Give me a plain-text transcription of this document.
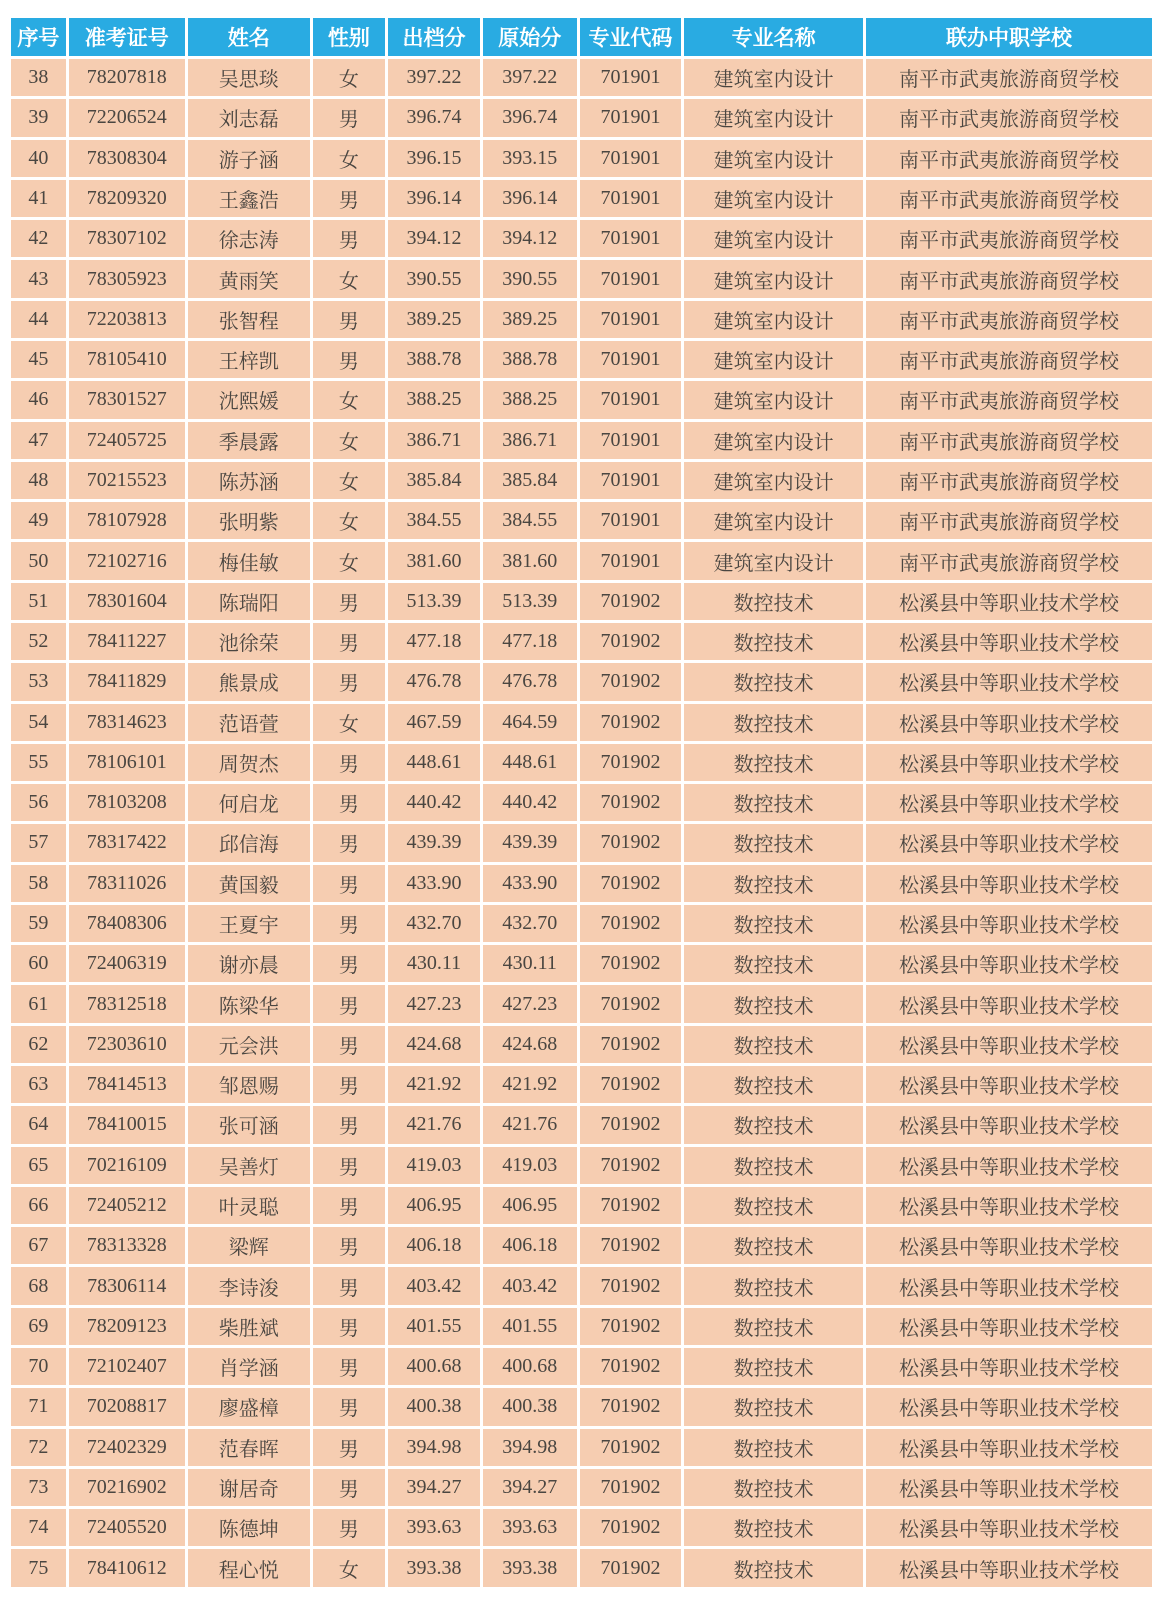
序号	准考证号	姓名	性别	出档分	原始分	专业代码	专业名称	联办中职学校
38	78207818	吴思琰	女	397.22	397.22	701901	建筑室内设计	南平市武夷旅游商贸学校
39	72206524	刘志磊	男	396.74	396.74	701901	建筑室内设计	南平市武夷旅游商贸学校
40	78308304	游子涵	女	396.15	393.15	701901	建筑室内设计	南平市武夷旅游商贸学校
41	78209320	王鑫浩	男	396.14	396.14	701901	建筑室内设计	南平市武夷旅游商贸学校
42	78307102	徐志涛	男	394.12	394.12	701901	建筑室内设计	南平市武夷旅游商贸学校
43	78305923	黄雨笑	女	390.55	390.55	701901	建筑室内设计	南平市武夷旅游商贸学校
44	72203813	张智程	男	389.25	389.25	701901	建筑室内设计	南平市武夷旅游商贸学校
45	78105410	王梓凯	男	388.78	388.78	701901	建筑室内设计	南平市武夷旅游商贸学校
46	78301527	沈熙媛	女	388.25	388.25	701901	建筑室内设计	南平市武夷旅游商贸学校
47	72405725	季晨露	女	386.71	386.71	701901	建筑室内设计	南平市武夷旅游商贸学校
48	70215523	陈苏涵	女	385.84	385.84	701901	建筑室内设计	南平市武夷旅游商贸学校
49	78107928	张明紫	女	384.55	384.55	701901	建筑室内设计	南平市武夷旅游商贸学校
50	72102716	梅佳敏	女	381.60	381.60	701901	建筑室内设计	南平市武夷旅游商贸学校
51	78301604	陈瑞阳	男	513.39	513.39	701902	数控技术	松溪县中等职业技术学校
52	78411227	池徐荣	男	477.18	477.18	701902	数控技术	松溪县中等职业技术学校
53	78411829	熊景成	男	476.78	476.78	701902	数控技术	松溪县中等职业技术学校
54	78314623	范语萱	女	467.59	464.59	701902	数控技术	松溪县中等职业技术学校
55	78106101	周贺杰	男	448.61	448.61	701902	数控技术	松溪县中等职业技术学校
56	78103208	何启龙	男	440.42	440.42	701902	数控技术	松溪县中等职业技术学校
57	78317422	邱信海	男	439.39	439.39	701902	数控技术	松溪县中等职业技术学校
58	78311026	黄国毅	男	433.90	433.90	701902	数控技术	松溪县中等职业技术学校
59	78408306	王夏宇	男	432.70	432.70	701902	数控技术	松溪县中等职业技术学校
60	72406319	谢亦晨	男	430.11	430.11	701902	数控技术	松溪县中等职业技术学校
61	78312518	陈梁华	男	427.23	427.23	701902	数控技术	松溪县中等职业技术学校
62	72303610	元会洪	男	424.68	424.68	701902	数控技术	松溪县中等职业技术学校
63	78414513	邹恩赐	男	421.92	421.92	701902	数控技术	松溪县中等职业技术学校
64	78410015	张可涵	男	421.76	421.76	701902	数控技术	松溪县中等职业技术学校
65	70216109	吴善灯	男	419.03	419.03	701902	数控技术	松溪县中等职业技术学校
66	72405212	叶灵聪	男	406.95	406.95	701902	数控技术	松溪县中等职业技术学校
67	78313328	梁辉	男	406.18	406.18	701902	数控技术	松溪县中等职业技术学校
68	78306114	李诗浚	男	403.42	403.42	701902	数控技术	松溪县中等职业技术学校
69	78209123	柴胜斌	男	401.55	401.55	701902	数控技术	松溪县中等职业技术学校
70	72102407	肖学涵	男	400.68	400.68	701902	数控技术	松溪县中等职业技术学校
71	70208817	廖盛樟	男	400.38	400.38	701902	数控技术	松溪县中等职业技术学校
72	72402329	范春晖	男	394.98	394.98	701902	数控技术	松溪县中等职业技术学校
73	70216902	谢居奇	男	394.27	394.27	701902	数控技术	松溪县中等职业技术学校
74	72405520	陈德坤	男	393.63	393.63	701902	数控技术	松溪县中等职业技术学校
75	78410612	程心悦	女	393.38	393.38	701902	数控技术	松溪县中等职业技术学校
